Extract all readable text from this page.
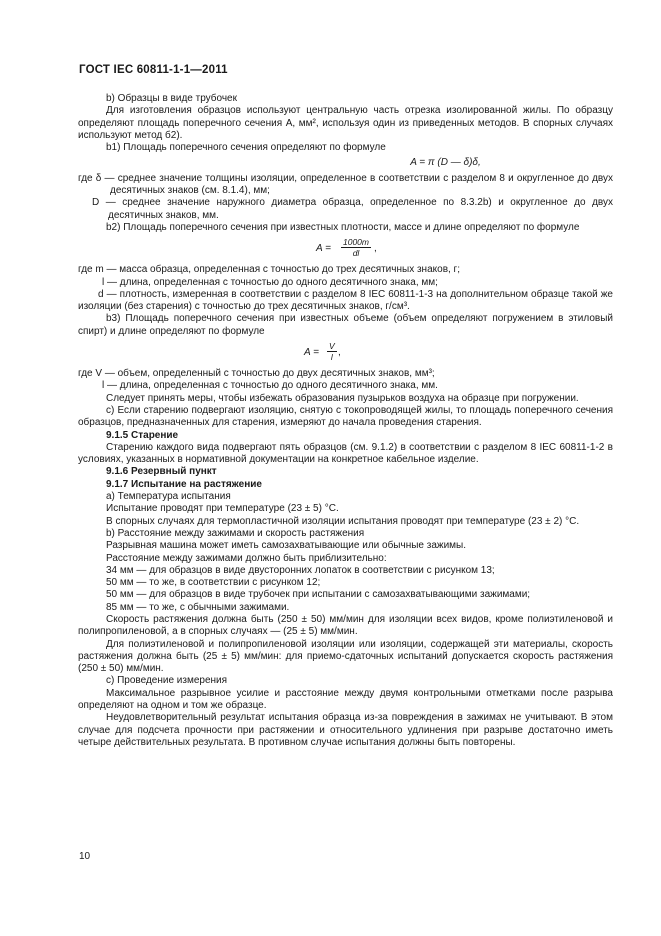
ГОСТ IEC 60811-1-1—2011

b) Образцы в виде трубочек

Для изготовления образцов используют центральную часть отрезка изолированной жилы. По образцу определяют площадь поперечного сечения A, мм², используя один из приведенных методов. В спорных случаях используют метод б2).

b1) Площадь поперечного сечения определяют по формуле

A = π (D — δ)δ,

где δ — среднее значение толщины изоляции, определенное в соответствии с разделом 8 и округленное до двух десятичных знаков (см. 8.1.4), мм;

D — среднее значение наружного диаметра образца, определенное по 8.3.2b) и округленное до двух десятичных знаков, мм.

b2) Площадь поперечного сечения при известных плотности, массе и длине определяют по формуле

$A = \frac{1000m}{dl}$ ,

где m — масса образца, определенная с точностью до трех десятичных знаков, г;

l — длина, определенная с точностью до одного десятичного знака, мм;

d — плотность, измеренная в соответствии с разделом 8 IEC 60811-1-3 на дополнительном образце такой же изоляции (без старения) с точностью до трех десятичных знаков, г/см³.

b3) Площадь поперечного сечения при известных объеме (объем определяют погружением в этиловый спирт) и длине определяют по формуле

$A = \frac{V}{l}$ ,

где V — объем, определенный с точностью до двух десятичных знаков, мм³;

l — длина, определенная с точностью до одного десятичного знака, мм.

Следует принять меры, чтобы избежать образования пузырьков воздуха на образце при погружении.

c) Если старению подвергают изоляцию, снятую с токопроводящей жилы, то площадь поперечного сечения образцов, предназначенных для старения, измеряют до начала проведения старения.

9.1.5 Старение

Старению каждого вида подвергают пять образцов (см. 9.1.2) в соответствии с разделом 8 IEC 60811-1-2 в условиях, указанных в нормативной документации на конкретное кабельное изделие.

9.1.6 Резервный пункт

9.1.7 Испытание на растяжение

a) Температура испытания

Испытание проводят при температуре (23 ± 5) °C.

В спорных случаях для термопластичной изоляции испытания проводят при температуре (23 ± 2) °C.

b) Расстояние между зажимами и скорость растяжения

Разрывная машина может иметь самозахватывающие или обычные зажимы.

Расстояние между зажимами должно быть приблизительно:

34 мм — для образцов в виде двусторонних лопаток в соответствии с рисунком 13;

50 мм — то же, в соответствии с рисунком 12;

50 мм — для образцов в виде трубочек при испытании с самозахватывающими зажимами;

85 мм — то же, с обычными зажимами.

Скорость растяжения должна быть (250 ± 50) мм/мин для изоляции всех видов, кроме полиэтиленовой и полипропиленовой, а в спорных случаях — (25 ± 5) мм/мин.

Для полиэтиленовой и полипропиленовой изоляции или изоляции, содержащей эти материалы, скорость растяжения должна быть (25 ± 5) мм/мин: для приемо-сдаточных испытаний допускается скорость растяжения (250 ± 50) мм/мин.

c) Проведение измерения

Максимальное разрывное усилие и расстояние между двумя контрольными отметками после разрыва определяют на одном и том же образце.

Неудовлетворительный результат испытания образца из-за повреждения в зажимах не учитывают. В этом случае для подсчета прочности при растяжении и относительного удлинения при разрыве достаточно иметь четыре действительных результата. В противном случае испытания должны быть повторены.

10
